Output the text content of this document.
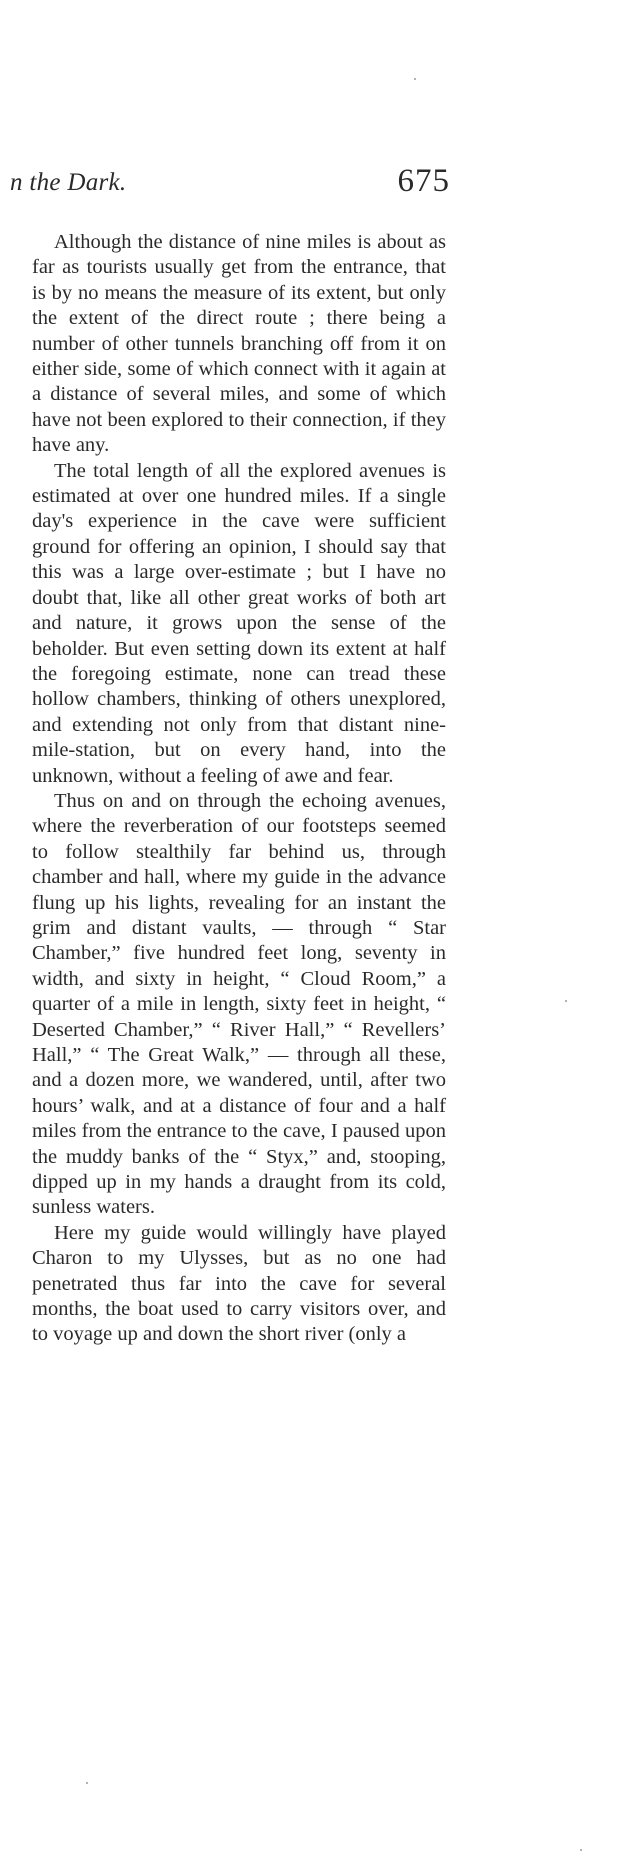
n the Dark.	675

Although the distance of nine miles is about as far as tourists usually get from the entrance, that is by no means the measure of its extent, but only the extent of the direct route ; there being a number of other tunnels branching off from it on either side, some of which connect with it again at a distance of several miles, and some of which have not been explored to their connection, if they have any.

The total length of all the explored avenues is estimated at over one hundred miles. If a single day's experience in the cave were sufficient ground for offering an opinion, I should say that this was a large over-estimate ; but I have no doubt that, like all other great works of both art and nature, it grows upon the sense of the beholder. But even setting down its extent at half the foregoing estimate, none can tread these hollow chambers, thinking of others unexplored, and extending not only from that distant nine-mile-station, but on every hand, into the unknown, without a feeling of awe and fear.

Thus on and on through the echoing avenues, where the reverberation of our footsteps seemed to follow stealthily far behind us, through chamber and hall, where my guide in the advance flung up his lights, revealing for an instant the grim and distant vaults, — through “ Star Chamber,” five hundred feet long, seventy in width, and sixty in height, “ Cloud Room,” a quarter of a mile in length, sixty feet in height, “ Deserted Chamber,” “ River Hall,” “ Revellers’ Hall,” “ The Great Walk,” — through all these, and a dozen more, we wandered, until, after two hours’ walk, and at a distance of four and a half miles from the entrance to the cave, I paused upon the muddy banks of the “ Styx,” and, stooping, dipped up in my hands a draught from its cold, sunless waters.

Here my guide would willingly have played Charon to my Ulysses, but as no one had penetrated thus far into the cave for several months, the boat used to carry visitors over, and to voyage up and down the short river (only a
